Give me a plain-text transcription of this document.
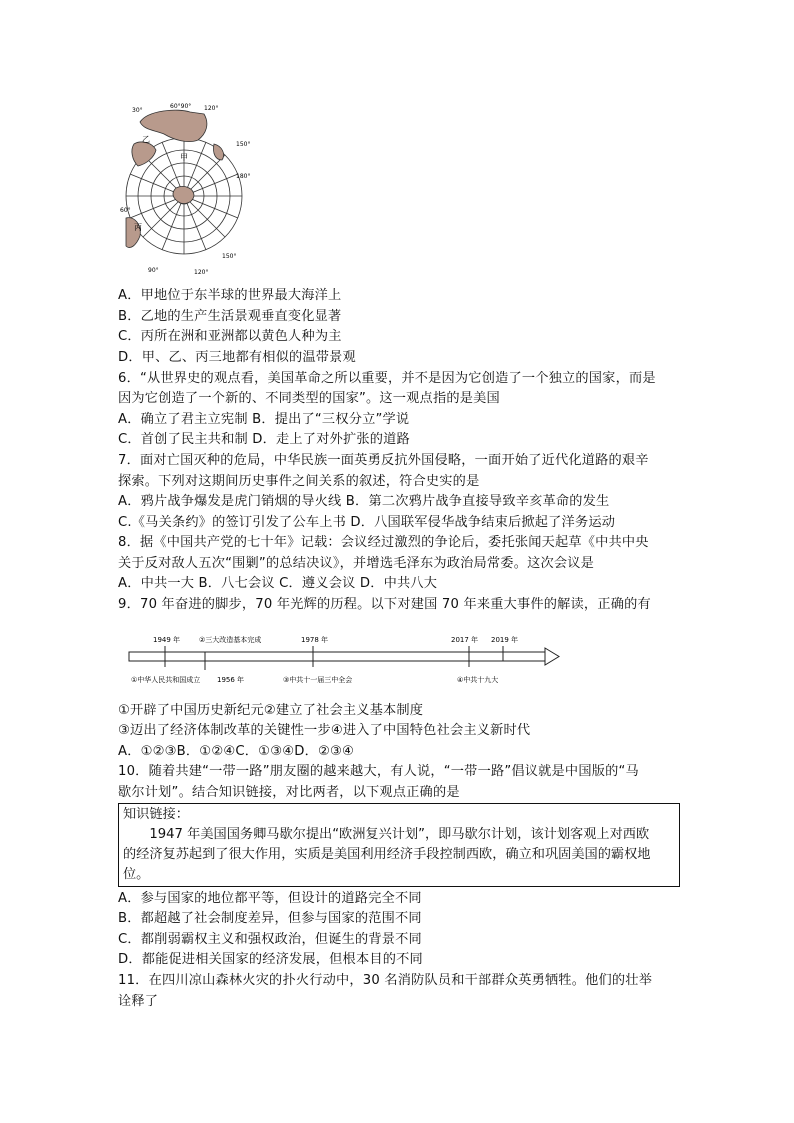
30°
60°90° 120°
150°
180°
60°
90°	120°
150°
甲
乙
丙
A．甲地位于东半球的世界最大海洋上
B．乙地的生产生活景观垂直变化显著
C．丙所在洲和亚洲都以黄色人种为主
D．甲、乙、丙三地都有相似的温带景观
6．“从世界史的观点看，美国革命之所以重要，并不是因为它创造了一个独立的国家，而是
因为它创造了一个新的、不同类型的国家”。这一观点指的是美国
A．确立了君主立宪制 B．提出了“三权分立”学说
C．首创了民主共和制 D．走上了对外扩张的道路
7．面对亡国灭种的危局，中华民族一面英勇反抗外国侵略，一面开始了近代化道路的艰辛
探索。下列对这期间历史事件之间关系的叙述，符合史实的是
A．鸦片战争爆发是虎门销烟的导火线 B．第二次鸦片战争直接导致辛亥革命的发生
C.《马关条约》的签订引发了公车上书 D．八国联军侵华战争结束后掀起了洋务运动
8．据《中国共产党的七十年》记载：会议经过激烈的争论后，委托张闻天起草《中共中央
关于反对敌人五次“围剿”的总结决议》，并增选毛泽东为政治局常委。这次会议是
A．中共一大 B．八七会议 C．遵义会议 D．中共八大
9．70 年奋进的脚步，70 年光辉的历程。以下对建国 70 年来重大事件的解读，正确的有
1949 年	②三大改造基本完成	1978 年	2017 年 2019 年
①中华人民共和国成立 1956 年	③中共十一届三中全会	④中共十九大
①开辟了中国历史新纪元②建立了社会主义基本制度
③迈出了经济体制改革的关键性一步④进入了中国特色社会主义新时代
A．①②③B．①②④C．①③④D．②③④
10．随着共建“一带一路”朋友圈的越来越大，有人说，“一带一路”倡议就是中国版的“马
歇尔计划”。结合知识链接，对比两者，以下观点正确的是
知识链接：
　　1947 年美国国务卿马歇尔提出“欧洲复兴计划”，即马歇尔计划，该计划客观上对西欧
的经济复苏起到了很大作用，实质是美国利用经济手段控制西欧，确立和巩固美国的霸权地
位。
A．参与国家的地位都平等，但设计的道路完全不同
B．都超越了社会制度差异，但参与国家的范围不同
C．都削弱霸权主义和强权政治，但诞生的背景不同
D．都能促进相关国家的经济发展，但根本目的不同
11．在四川凉山森林火灾的扑火行动中，30 名消防队员和干部群众英勇牺牲。他们的壮举
诠释了
